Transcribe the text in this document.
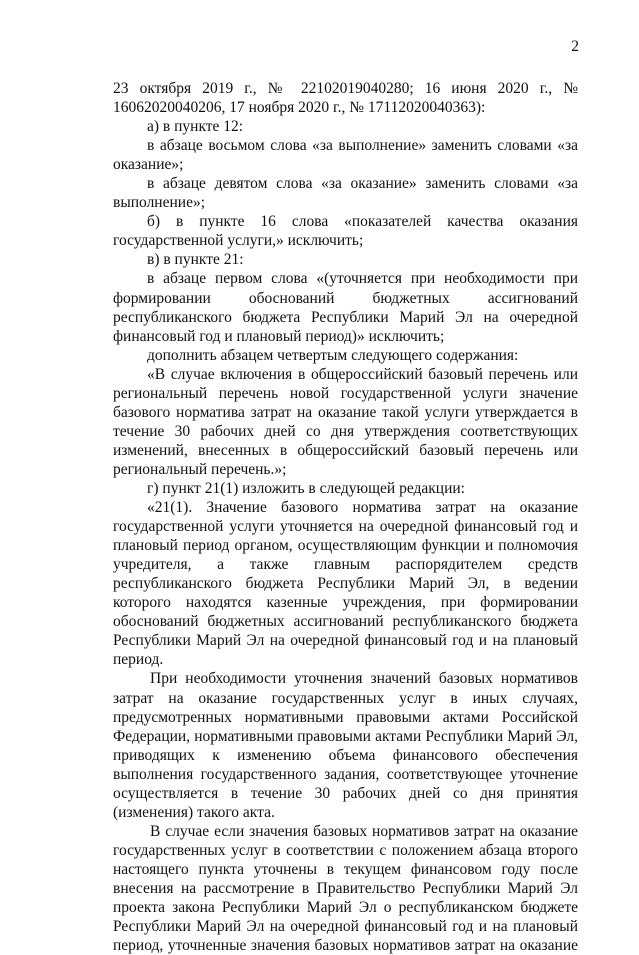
2

23 октября 2019 г., № 22102019040280; 16 июня 2020 г., № 16062020040206, 17 ноября 2020 г., № 17112020040363):

а) в пункте 12:

в абзаце восьмом слова «за выполнение» заменить словами «за оказание»;

в абзаце девятом слова «за оказание» заменить словами «за выполнение»;

б) в пункте 16 слова «показателей качества оказания государственной услуги,» исключить;

в) в пункте 21:

в абзаце первом слова «(уточняется при необходимости при формировании обоснований бюджетных ассигнований республиканского бюджета Республики Марий Эл на очередной финансовый год и плановый период)» исключить;

дополнить абзацем четвертым следующего содержания:

«В случае включения в общероссийский базовый перечень или региональный перечень новой государственной услуги значение базового норматива затрат на оказание такой услуги утверждается в течение 30 рабочих дней со дня утверждения соответствующих изменений, внесенных в общероссийский базовый перечень или региональный перечень.»;

г) пункт 21(1) изложить в следующей редакции:

«21(1). Значение базового норматива затрат на оказание государственной услуги уточняется на очередной финансовый год и плановый период органом, осуществляющим функции и полномочия учредителя, а также главным распорядителем средств республиканского бюджета Республики Марий Эл, в ведении которого находятся казенные учреждения, при формировании обоснований бюджетных ассигнований республиканского бюджета Республики Марий Эл на очередной финансовый год и на плановый период.

При необходимости уточнения значений базовых нормативов затрат на оказание государственных услуг в иных случаях, предусмотренных нормативными правовыми актами Российской Федерации, нормативными правовыми актами Республики Марий Эл, приводящих к изменению объема финансового обеспечения выполнения государственного задания, соответствующее уточнение осуществляется в течение 30 рабочих дней со дня принятия (изменения) такого акта.

В случае если значения базовых нормативов затрат на оказание государственных услуг в соответствии с положением абзаца второго настоящего пункта уточнены в текущем финансовом году после внесения на рассмотрение в Правительство Республики Марий Эл проекта закона Республики Марий Эл о республиканском бюджете Республики Марий Эл на очередной финансовый год и на плановый период, уточненные значения базовых нормативов затрат на оказание
